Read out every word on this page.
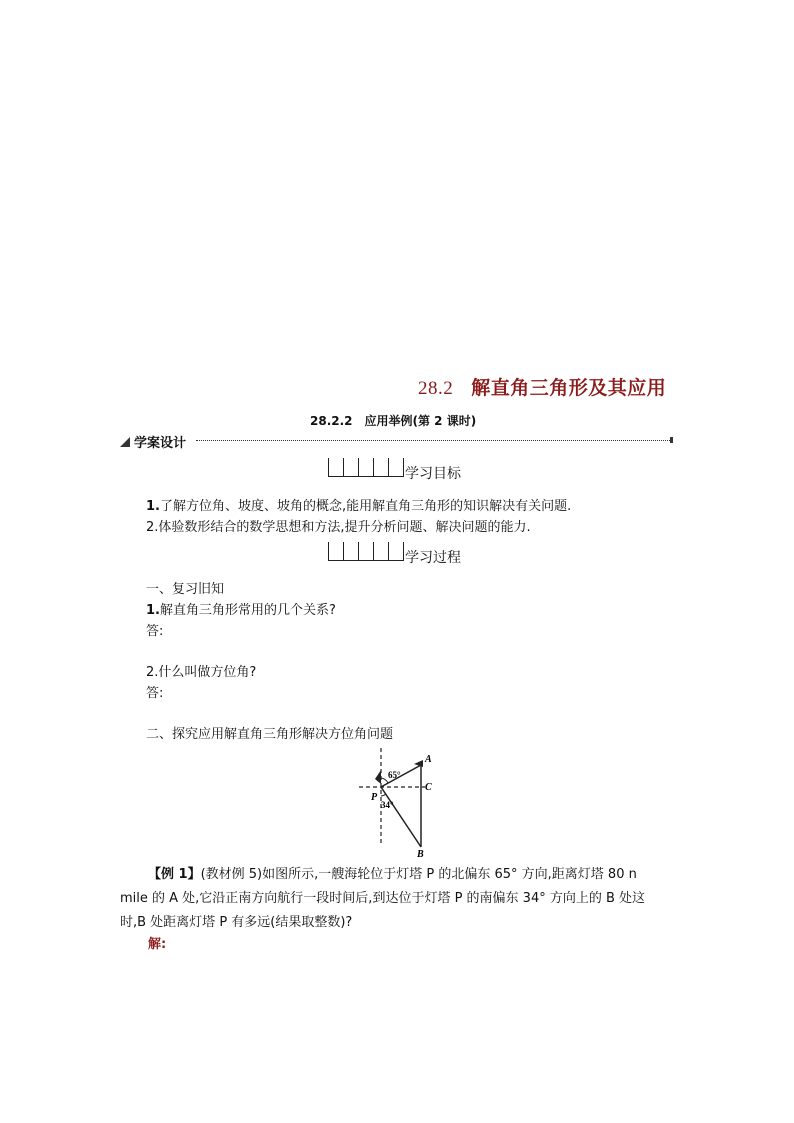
28.2 解直角三角形及其应用
28.2.2　应用举例(第 2 课时)
学案设计
学习目标
1.了解方位角、坡度、坡角的概念,能用解直角三角形的知识解决有关问题.
2.体验数形结合的数学思想和方法,提升分析问题、解决问题的能力.
学习过程
一、复习旧知
1.解直角三角形常用的几个关系?
答:
2.什么叫做方位角?
答:
二、探究应用解直角三角形解决方位角问题
A
65°
P
34°
C
B
【例 1】(教材例 5)如图所示,一艘海轮位于灯塔 P 的北偏东 65° 方向,距离灯塔 80 n
mile 的 A 处,它沿正南方向航行一段时间后,到达位于灯塔 P 的南偏东 34° 方向上的 B 处这
时,B 处距离灯塔 P 有多远(结果取整数)?
解:
